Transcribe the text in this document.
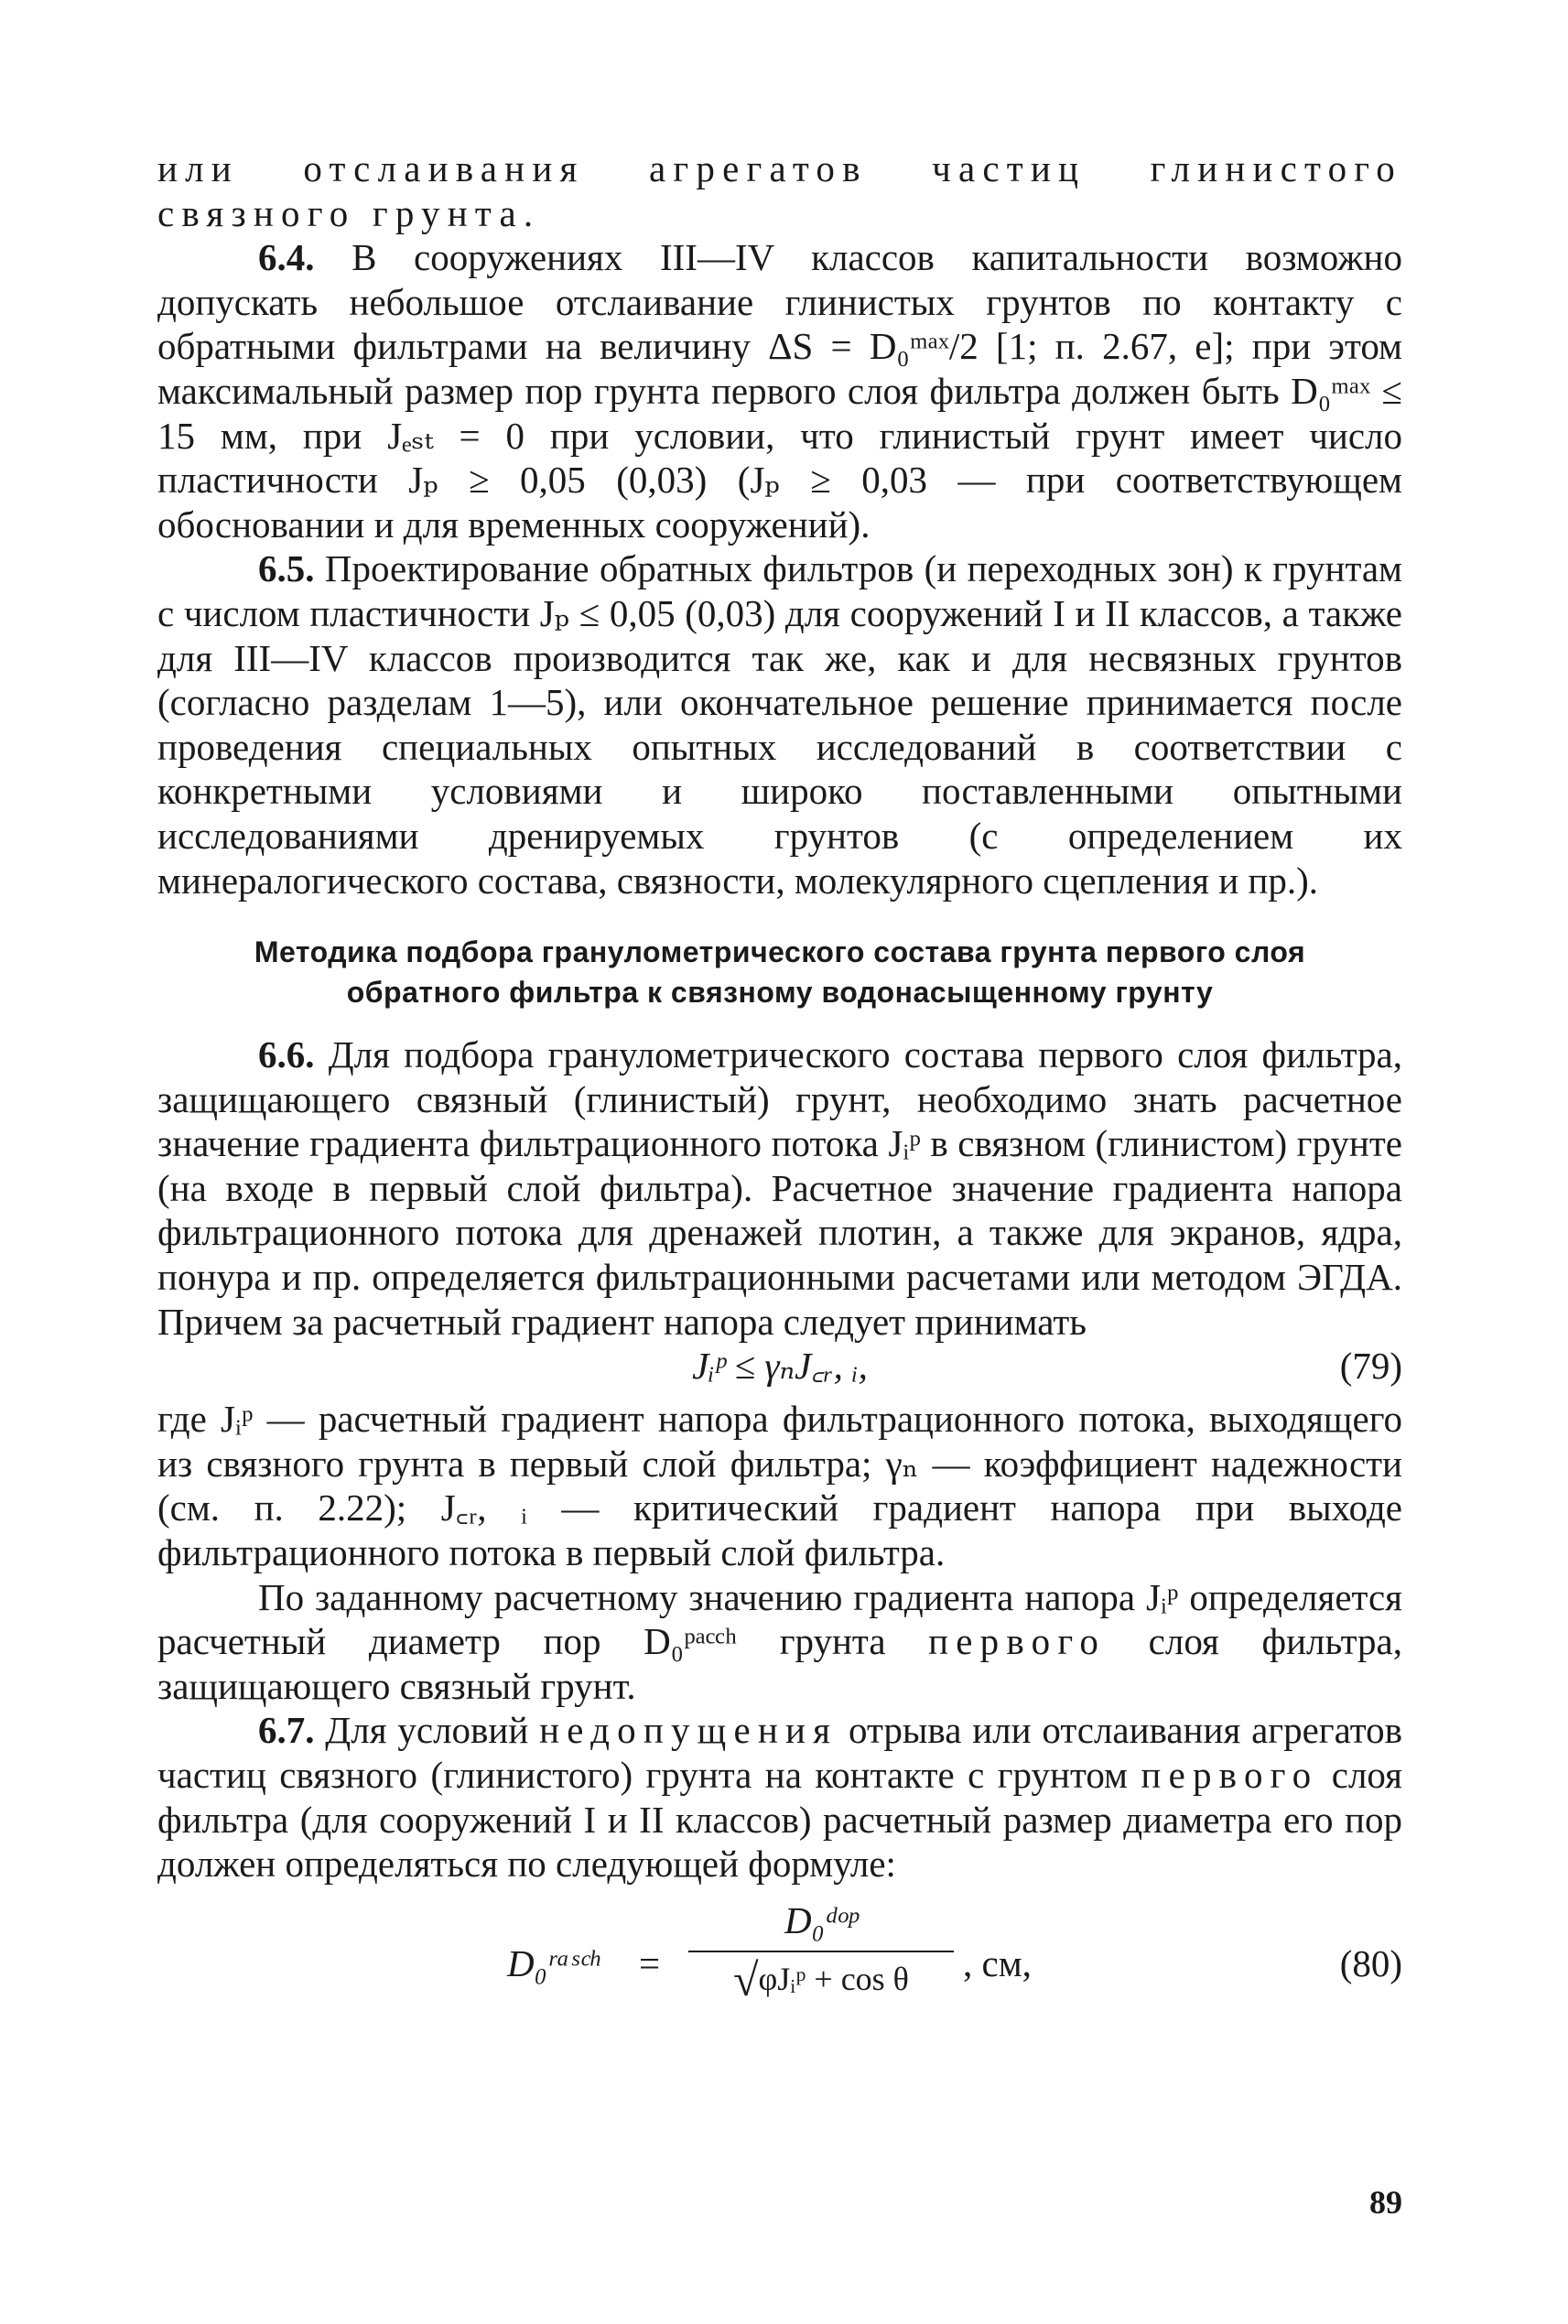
или отслаивания агрегатов частиц глинистого связного грунта.

6.4. В сооружениях III—IV классов капитальности возможно допускать небольшое отслаивание глинистых грунтов по контакту с обратными фильтрами на величину ΔS = D₀ᵐᵃˣ/2 [1; п. 2.67, е]; при этом максимальный размер пор грунта первого слоя фильтра должен быть D₀ᵐᵃˣ ≤ 15 мм, при Jₑₛₜ = 0 при условии, что глинистый грунт имеет число пластичности Jₚ ≥ 0,05 (0,03) (Jₚ ≥ 0,03 — при соответствующем обосновании и для временных сооружений).

6.5. Проектирование обратных фильтров (и переходных зон) к грунтам с числом пластичности Jₚ ≤ 0,05 (0,03) для сооружений I и II классов, а также для III—IV классов производится так же, как и для несвязных грунтов (согласно разделам 1—5), или окончательное решение принимается после проведения специальных опытных исследований в соответствии с конкретными условиями и широко поставленными опытными исследованиями дренируемых грунтов (с определением их минералогического состава, связности, молекулярного сцепления и пр.).

Методика подбора гранулометрического состава грунта первого слоя
обратного фильтра к связному водонасыщенному грунту

6.6. Для подбора гранулометрического состава первого слоя фильтра, защищающего связный (глинистый) грунт, необходимо знать расчетное значение градиента фильтрационного потока Jᵢᵖ в связном (глинистом) грунте (на входе в первый слой фильтра). Расчетное значение градиента напора фильтрационного потока для дренажей плотин, а также для экранов, ядра, понура и пр. определяется фильтрационными расчетами или методом ЭГДА. Причем за расчетный градиент напора следует принимать

Jᵢᵖ ≤ γₙJ꜀ᵣ, ᵢ,	(79)

где Jᵢᵖ — расчетный градиент напора фильтрационного потока, выходящего из связного грунта в первый слой фильтра; γₙ — коэффициент надежности (см. п. 2.22); J꜀ᵣ, ᵢ — критический градиент напора при выходе фильтрационного потока в первый слой фильтра.

По заданному расчетному значению градиента напора Jᵢᵖ определяется расчетный диаметр пор D₀ᵖᵃᶜᶜʰ грунта первого слоя фильтра, защищающего связный грунт.

6.7. Для условий недопущения отрыва или отслаивания агрегатов частиц связного (глинистого) грунта на контакте с грунтом первого слоя фильтра (для сооружений I и II классов) расчетный размер диаметра его пор должен определяться по следующей формуле:

D₀ʳᵃˢᶜʰ =
D₀ᵈᵒᵖ
√φJᵢᵖ + cos θ	, см,	(80)
89
